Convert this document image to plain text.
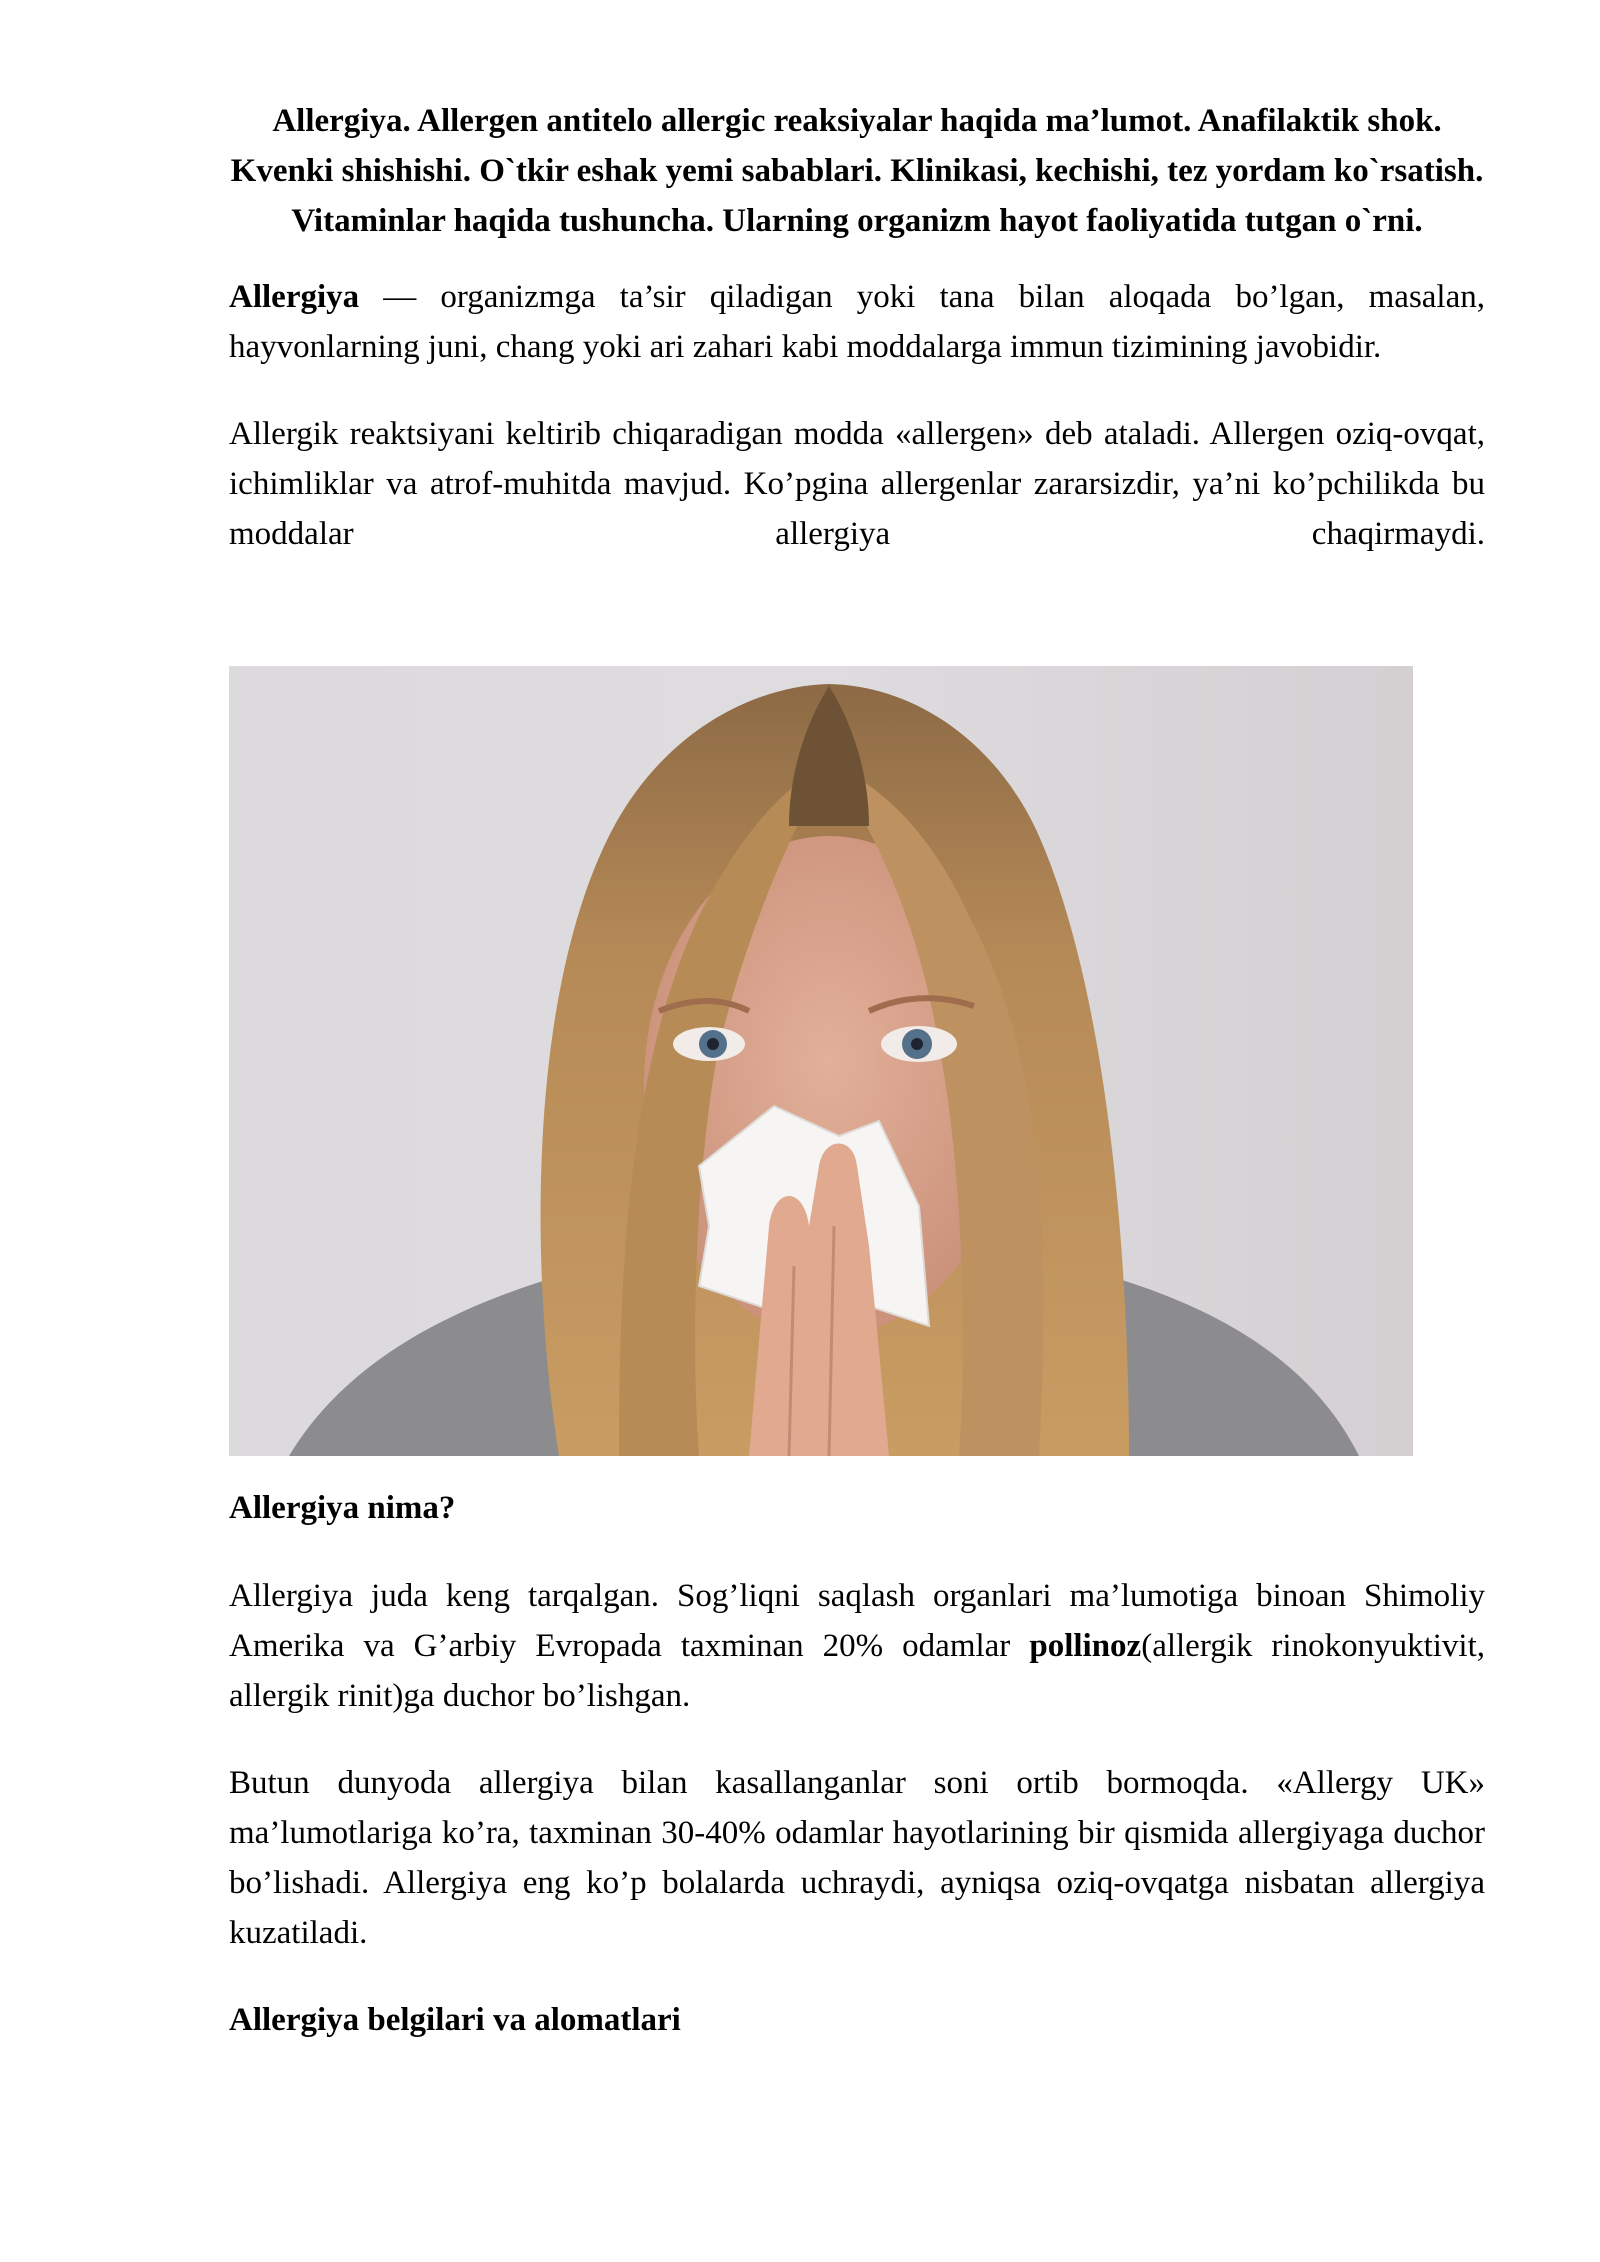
Allergiya. Allergen antitelo allergic reaksiyalar haqida ma’lumot. Anafilaktik shok. Kvenki shishishi. O`tkir eshak yemi sabablari. Klinikasi, kechishi, tez yordam ko`rsatish. Vitaminlar haqida tushuncha. Ularning organizm hayot faoliyatida tutgan o`rni.

Allergiya — organizmga ta’sir qiladigan yoki tana bilan aloqada bo’lgan, masalan, hayvonlarning juni, chang yoki ari zahari kabi moddalarga immun tizimining javobidir.

Allergik reaktsiyani keltirib chiqaradigan modda «allergen» deb ataladi. Allergen oziq-ovqat, ichimliklar va atrof-muhitda mavjud. Ko’pgina allergenlar zararsizdir, ya’ni ko’pchilikda bu moddalar allergiya chaqirmaydi.

Allergiya nima?

Allergiya juda keng tarqalgan. Sog’liqni saqlash organlari ma’lumotiga binoan Shimoliy Amerika va G’arbiy Evropada taxminan 20% odamlar pollinoz(allergik rinokonyuktivit, allergik rinit)ga duchor bo’lishgan.

Butun dunyoda allergiya bilan kasallanganlar soni ortib bormoqda. «Allergy UK» ma’lumotlariga ko’ra, taxminan 30-40% odamlar hayotlarining bir qismida allergiyaga duchor bo’lishadi. Allergiya eng ko’p bolalarda uchraydi, ayniqsa oziq-ovqatga nisbatan allergiya kuzatiladi.

Allergiya belgilari va alomatlari
